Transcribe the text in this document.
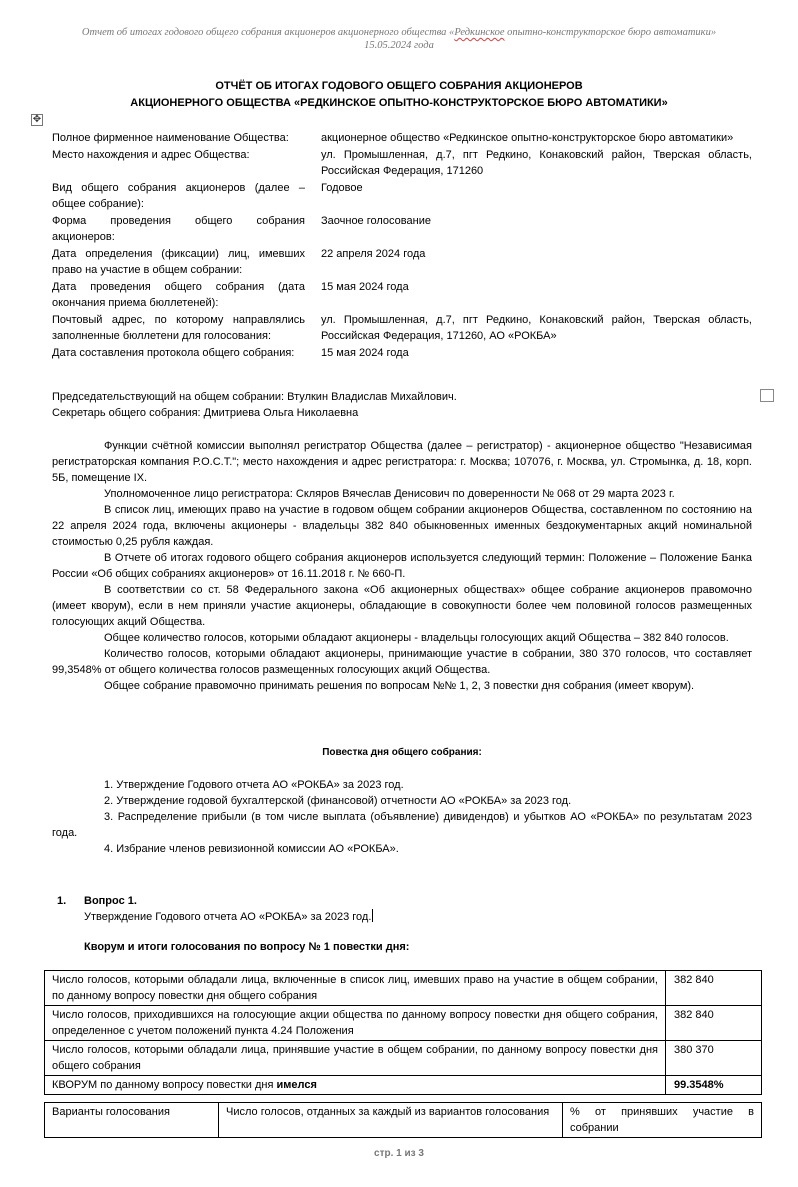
Отчет об итогах годового общего собрания акционеров акционерного общества «Редкинское опытно-конструкторское бюро автоматики»
15.05.2024 года
ОТЧЁТ ОБ ИТОГАХ ГОДОВОГО ОБЩЕГО СОБРАНИЯ АКЦИОНЕРОВ
АКЦИОНЕРНОГО ОБЩЕСТВА «РЕДКИНСКОЕ ОПЫТНО-КОНСТРУКТОРСКОЕ БЮРО АВТОМАТИКИ»
✥
Полное фирменное наименование Общества:	акционерное общество «Редкинское опытно-конструкторское бюро автоматики»
Место нахождения и адрес Общества:	ул. Промышленная, д.7, пгт Редкино, Конаковский район, Тверская область, Российская Федерация, 171260
Вид общего собрания акционеров (далее – общее собрание):	Годовое
Форма проведения общего собрания акционеров:	Заочное голосование
Дата определения (фиксации) лиц, имевших право на участие в общем собрании:	22 апреля 2024 года
Дата проведения общего собрания (дата окончания приема бюллетеней):	15 мая 2024 года
Почтовый адрес, по которому направлялись заполненные бюллетени для голосования:	ул. Промышленная, д.7, пгт Редкино, Конаковский район, Тверская область, Российская Федерация, 171260, АО «РОКБА»
Дата составления протокола общего собрания:	15 мая 2024 года
Председательствующий на общем собрании: Втулкин Владислав Михайлович.
Секретарь общего собрания: Дмитриева Ольга Николаевна

Функции счётной комиссии выполнял регистратор Общества (далее – регистратор) - акционерное общество "Независимая регистраторская компания Р.О.С.Т."; место нахождения и адрес регистратора: г. Москва; 107076, г. Москва, ул. Стромынка, д. 18, корп. 5Б, помещение IX.

Уполномоченное лицо регистратора: Скляров Вячеслав Денисович по доверенности № 068 от 29 марта 2023 г.

В список лиц, имеющих право на участие в годовом общем собрании акционеров Общества, составленном по состоянию на 22 апреля 2024 года, включены акционеры - владельцы 382 840 обыкновенных именных бездокументарных акций номинальной стоимостью 0,25 рубля каждая.

В Отчете об итогах годового общего собрания акционеров используется следующий термин: Положение – Положение Банка России «Об общих собраниях акционеров» от 16.11.2018 г. № 660-П.

В соответствии со ст. 58 Федерального закона «Об акционерных обществах» общее собрание акционеров правомочно (имеет кворум), если в нем приняли участие акционеры, обладающие в совокупности более чем половиной голосов размещенных голосующих акций Общества.

Общее количество голосов, которыми обладают акционеры - владельцы голосующих акций Общества – 382 840 голосов.

Количество голосов, которыми обладают акционеры, принимающие участие в собрании, 380 370 голосов, что составляет 99,3548% от общего количества голосов размещенных голосующих акций Общества.

Общее собрание правомочно принимать решения по вопросам №№ 1, 2, 3 повестки дня собрания (имеет кворум).

Повестка дня общего собрания:

1. Утверждение Годового отчета АО «РОКБА» за 2023 год.

2. Утверждение годовой бухгалтерской (финансовой) отчетности АО «РОКБА» за 2023 год.

3. Распределение прибыли (в том числе выплата (объявление) дивидендов) и убытков АО «РОКБА» по результатам 2023 года.

4. Избрание членов ревизионной комиссии АО «РОКБА».

1. Вопрос 1.
Утверждение Годового отчета АО «РОКБА» за 2023 год.
Кворум и итоги голосования по вопросу № 1 повестки дня:
Число голосов, которыми обладали лица, включенные в список лиц, имевших право на участие в общем собрании, по данному вопросу повестки дня общего собрания	382 840
Число голосов, приходившихся на голосующие акции общества по данному вопросу повестки дня общего собрания, определенное с учетом положений пункта 4.24 Положения	382 840
Число голосов, которыми обладали лица, принявшие участие в общем собрании, по данному вопросу повестки дня общего собрания	380 370
КВОРУМ по данному вопросу повестки дня имелся	99.3548%
Варианты голосования	Число голосов, отданных за каждый из вариантов голосования	% от принявших участие в собрании
стр. 1 из 3
